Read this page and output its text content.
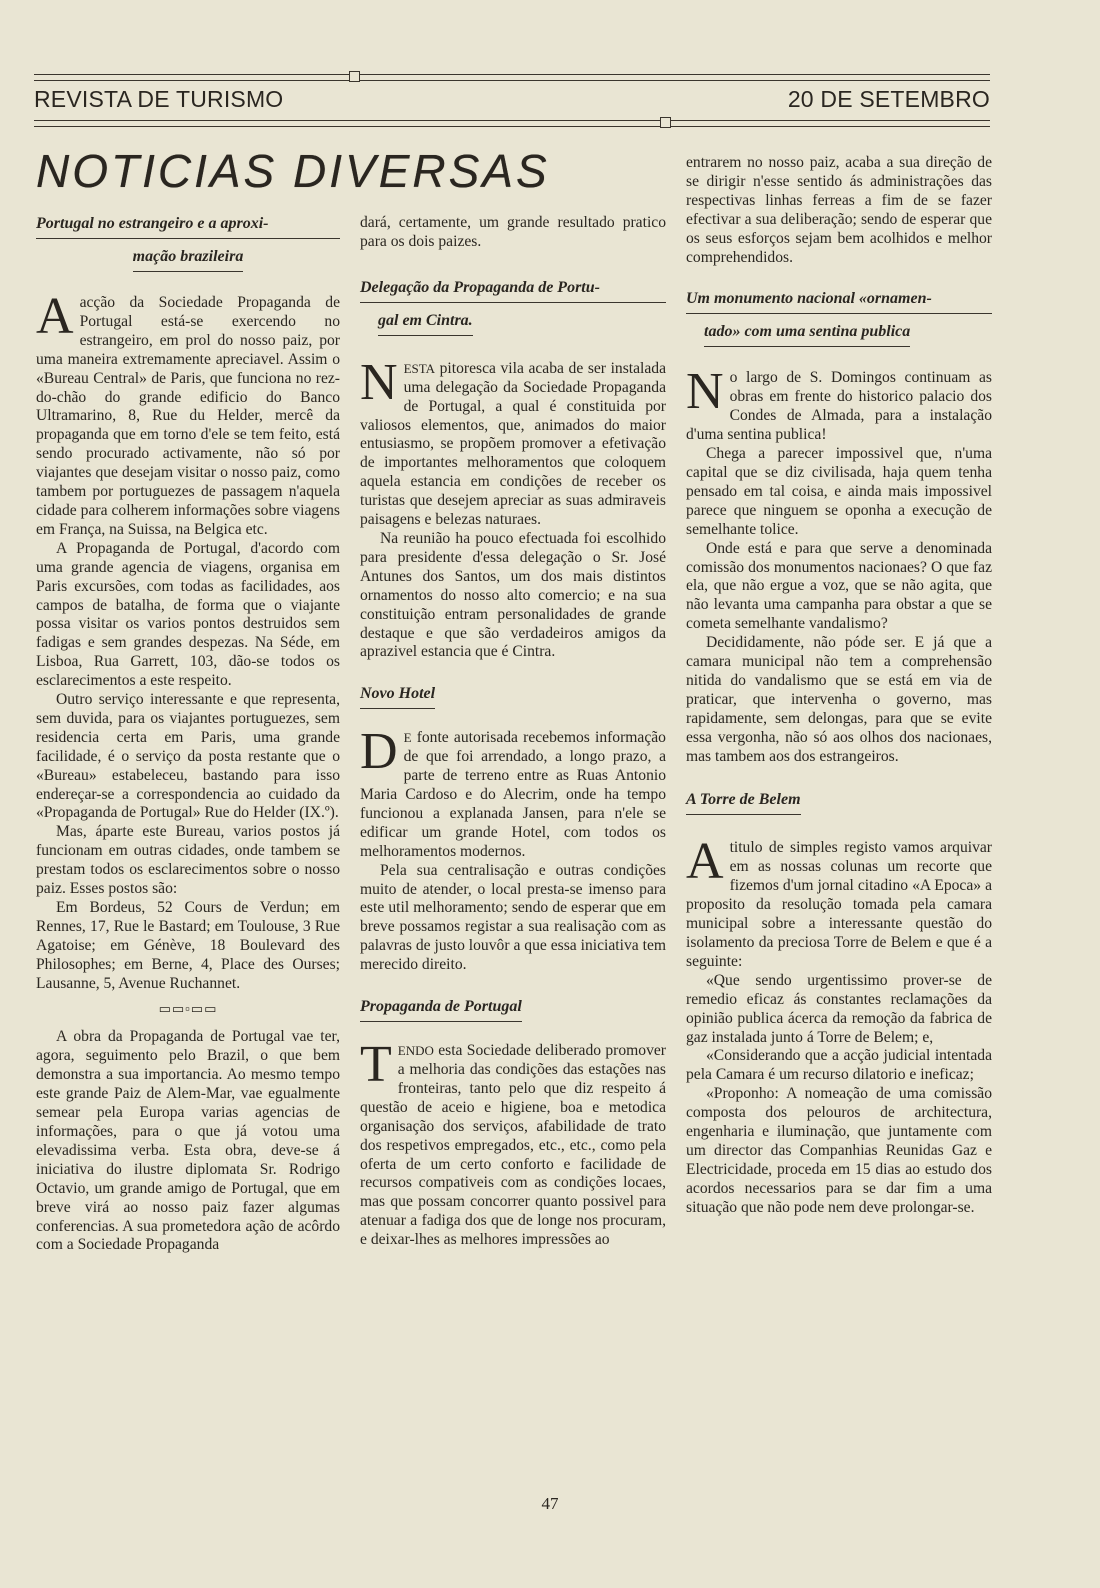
REVISTA DE TURISMO	20 DE SETEMBRO
NOTICIAS DIVERSAS
Portugal no estrangeiro e a aproxi-
mação brazileira

Aacção da Sociedade Propaganda de Portugal está-se exercendo no estrangeiro, em prol do nosso paiz, por uma maneira extremamente apreciavel. Assim o «Bureau Central» de Paris, que funciona no rez-do-chão do grande edificio do Banco Ultramarino, 8, Rue du Helder, mercê da propaganda que em torno d'ele se tem feito, está sendo procurado activamente, não só por viajantes que desejam visitar o nosso paiz, como tambem por portuguezes de passagem n'aquela cidade para colherem informações sobre viagens em França, na Suissa, na Belgica etc.

A Propaganda de Portugal, d'acordo com uma grande agencia de viagens, organisa em Paris excursões, com todas as facilidades, aos campos de batalha, de forma que o viajante possa visitar os varios pontos destruidos sem fadigas e sem grandes despezas. Na Séde, em Lisboa, Rua Garrett, 103, dão-se todos os esclarecimentos a este respeito.

Outro serviço interessante e que representa, sem duvida, para os viajantes portuguezes, sem residencia certa em Paris, uma grande facilidade, é o serviço da posta restante que o «Bureau» estabeleceu, bastando para isso endereçar-se a correspondencia ao cuidado da «Propaganda de Portugal» Rue do Helder (IX.º).

Mas, áparte este Bureau, varios postos já funcionam em outras cidades, onde tambem se prestam todos os esclarecimentos sobre o nosso paiz. Esses postos são:

Em Bordeus, 52 Cours de Verdun; em Rennes, 17, Rue le Bastard; em Toulouse, 3 Rue Agatoise; em Génève, 18 Boulevard des Philosophes; em Berne, 4, Place des Ourses; Lausanne, 5, Avenue Ruchannet.

▭▭▫▭▭

A obra da Propaganda de Portugal vae ter, agora, seguimento pelo Brazil, o que bem demonstra a sua importancia. Ao mesmo tempo este grande Paiz de Alem-Mar, vae egualmente semear pela Europa varias agencias de informações, para o que já votou uma elevadissima verba. Esta obra, deve-se á iniciativa do ilustre diplomata Sr. Rodrigo Octavio, um grande amigo de Portugal, que em breve virá ao nosso paiz fazer algumas conferencias. A sua prometedora ação de acôrdo com a Sociedade Propaganda

dará, certamente, um grande resultado pratico para os dois paizes.

Delegação da Propaganda de Portu-
gal em Cintra.

NESTA pitoresca vila acaba de ser instalada uma delegação da Sociedade Propaganda de Portugal, a qual é constituida por valiosos elementos, que, animados do maior entusiasmo, se propõem promover a efetivação de importantes melhoramentos que coloquem aquela estancia em condições de receber os turistas que desejem apreciar as suas admiraveis paisagens e belezas naturaes.

Na reunião ha pouco efectuada foi escolhido para presidente d'essa delegação o Sr. José Antunes dos Santos, um dos mais distintos ornamentos do nosso alto comercio; e na sua constituição entram personalidades de grande destaque e que são verdadeiros amigos da aprazivel estancia que é Cintra.

Novo Hotel

D E fonte autorisada recebemos informação de que foi arrendado, a longo prazo, a parte de terreno entre as Ruas Antonio Maria Cardoso e do Alecrim, onde ha tempo funcionou a explanada Jansen, para n'ele se edificar um grande Hotel, com todos os melhoramentos modernos.

Pela sua centralisação e outras condições muito de atender, o local presta-se imenso para este util melhoramento; sendo de esperar que em breve possamos registar a sua realisação com as palavras de justo louvôr a que essa iniciativa tem merecido direito.

Propaganda de Portugal

TENDO esta Sociedade deliberado promover a melhoria das condições das estações nas fronteiras, tanto pelo que diz respeito á questão de aceio e higiene, boa e metodica organisação dos serviços, afabilidade de trato dos respetivos empregados, etc., etc., como pela oferta de um certo conforto e facilidade de recursos compativeis com as condições locaes, mas que possam concorrer quanto possivel para atenuar a fadiga dos que de longe nos procuram, e deixar-lhes as melhores impressões ao

entrarem no nosso paiz, acaba a sua direção de se dirigir n'esse sentido ás administrações das respectivas linhas ferreas a fim de se fazer efectivar a sua deliberação; sendo de esperar que os seus esforços sejam bem acolhidos e melhor comprehendidos.

Um monumento nacional «ornamen-
tado» com uma sentina publica

No largo de S. Domingos continuam as obras em frente do historico palacio dos Condes de Almada, para a instalação d'uma sentina publica!

Chega a parecer impossivel que, n'uma capital que se diz civilisada, haja quem tenha pensado em tal coisa, e ainda mais impossivel parece que ninguem se oponha a execução de semelhante tolice.

Onde está e para que serve a denominada comissão dos monumentos nacionaes? O que faz ela, que não ergue a voz, que se não agita, que não levanta uma campanha para obstar a que se cometa semelhante vandalismo?

Decididamente, não póde ser. E já que a camara municipal não tem a comprehensão nitida do vandalismo que se está em via de praticar, que intervenha o governo, mas rapidamente, sem delongas, para que se evite essa vergonha, não só aos olhos dos nacionaes, mas tambem aos dos estrangeiros.

A Torre de Belem

Atitulo de simples registo vamos arquivar em as nossas colunas um recorte que fizemos d'um jornal citadino «A Epoca» a proposito da resolução tomada pela camara municipal sobre a interessante questão do isolamento da preciosa Torre de Belem e que é a seguinte:

«Que sendo urgentissimo prover-se de remedio eficaz ás constantes reclamações da opinião publica ácerca da remoção da fabrica de gaz instalada junto á Torre de Belem; e,

«Considerando que a acção judicial intentada pela Camara é um recurso dilatorio e ineficaz;

«Proponho: A nomeação de uma comissão composta dos pelouros de architectura, engenharia e iluminação, que juntamente com um director das Companhias Reunidas Gaz e Electricidade, proceda em 15 dias ao estudo dos acordos necessarios para se dar fim a uma situação que não pode nem deve prolongar-se.

47
